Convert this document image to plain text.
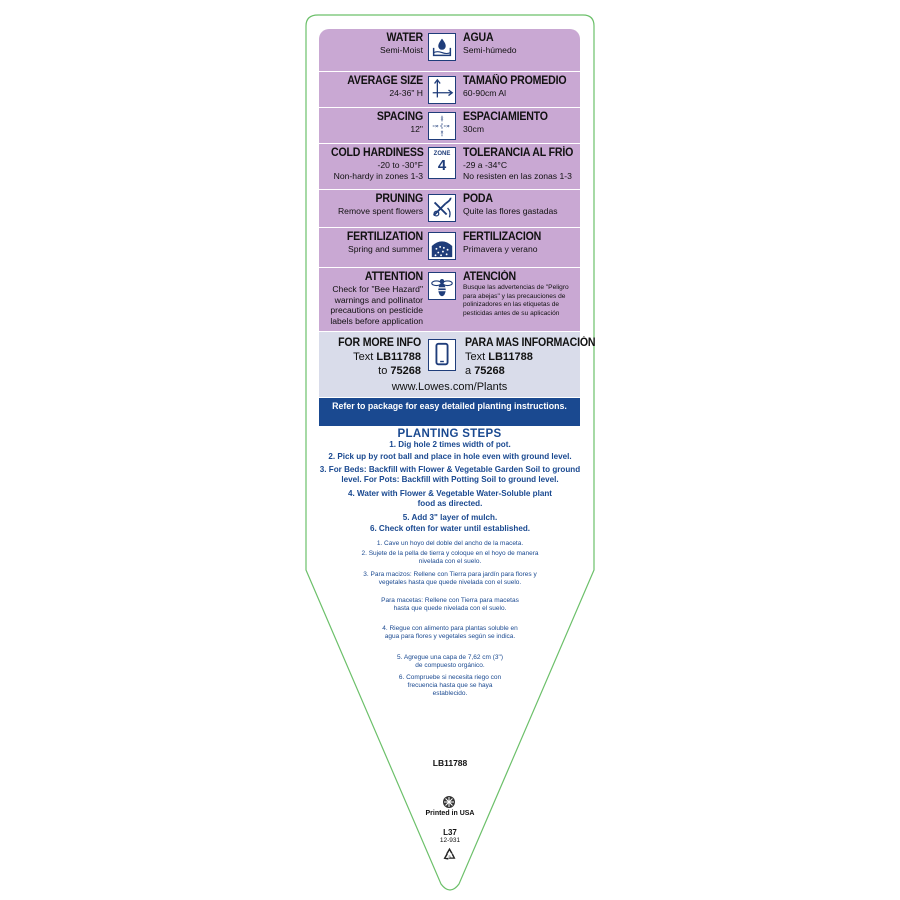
WATER
Semi-Moist
AGUA
Semi-húmedo
AVERAGE SIZE
24-36" H
TAMAÑO PROMEDIO
60-90cm Al
SPACING
12"
×
× ×
×
ESPACIAMIENTO
30cm
COLD HARDINESS
-20 to -30°F
Non-hardy in zones 1-3
ZONE
4
TOLERANCIA AL FRÍO
-29 a -34°C
No resisten en las zonas 1-3
PRUNING
Remove spent flowers
PODA
Quite las flores gastadas
FERTILIZATION
Spring and summer
FERTILIZACION
Primavera y verano
ATTENTION
Check for "Bee Hazard"
warnings and pollinator
precautions on pesticide
labels before application
ATENCIÓN
Busque las advertencias de "Peligro
para abejas" y las precauciones de
polinizadores en las etiquetas de
pesticidas antes de su aplicación
FOR MORE INFO
Text LB11788
to 75268
PARA MAS INFORMACIÓN
Text LB11788
a 75268
www.Lowes.com/Plants
Refer to package for easy detailed planting instructions.
PLANTING STEPS
1. Dig hole 2 times width of pot.
2. Pick up by root ball and place in hole even with ground level.
3. For Beds: Backfill with Flower & Vegetable Garden Soil to ground level. For Pots: Backfill with Potting Soil to ground level.
4. Water with Flower & Vegetable Water-Soluble plant food as directed.
5. Add 3" layer of mulch.
6. Check often for water until established.
1. Cave un hoyo del doble del ancho de la maceta.
2. Sujete de la pella de tierra y coloque en el hoyo de manera nivelada con el suelo.
3. Para macizos: Rellene con Tierra para jardín para flores y vegetales hasta que quede nivelada con el suelo.
Para macetas: Rellene con Tierra para macetas hasta que quede nivelada con el suelo.
4. Riegue con alimento para plantas soluble en agua para flores y vegetales según se indica.
5. Agregue una capa de 7,62 cm (3") de compuesto orgánico.
6. Compruebe si necesita riego con frecuencia hasta que se haya establecido.
LB11788
Printed in USA
L37
12-931
5
